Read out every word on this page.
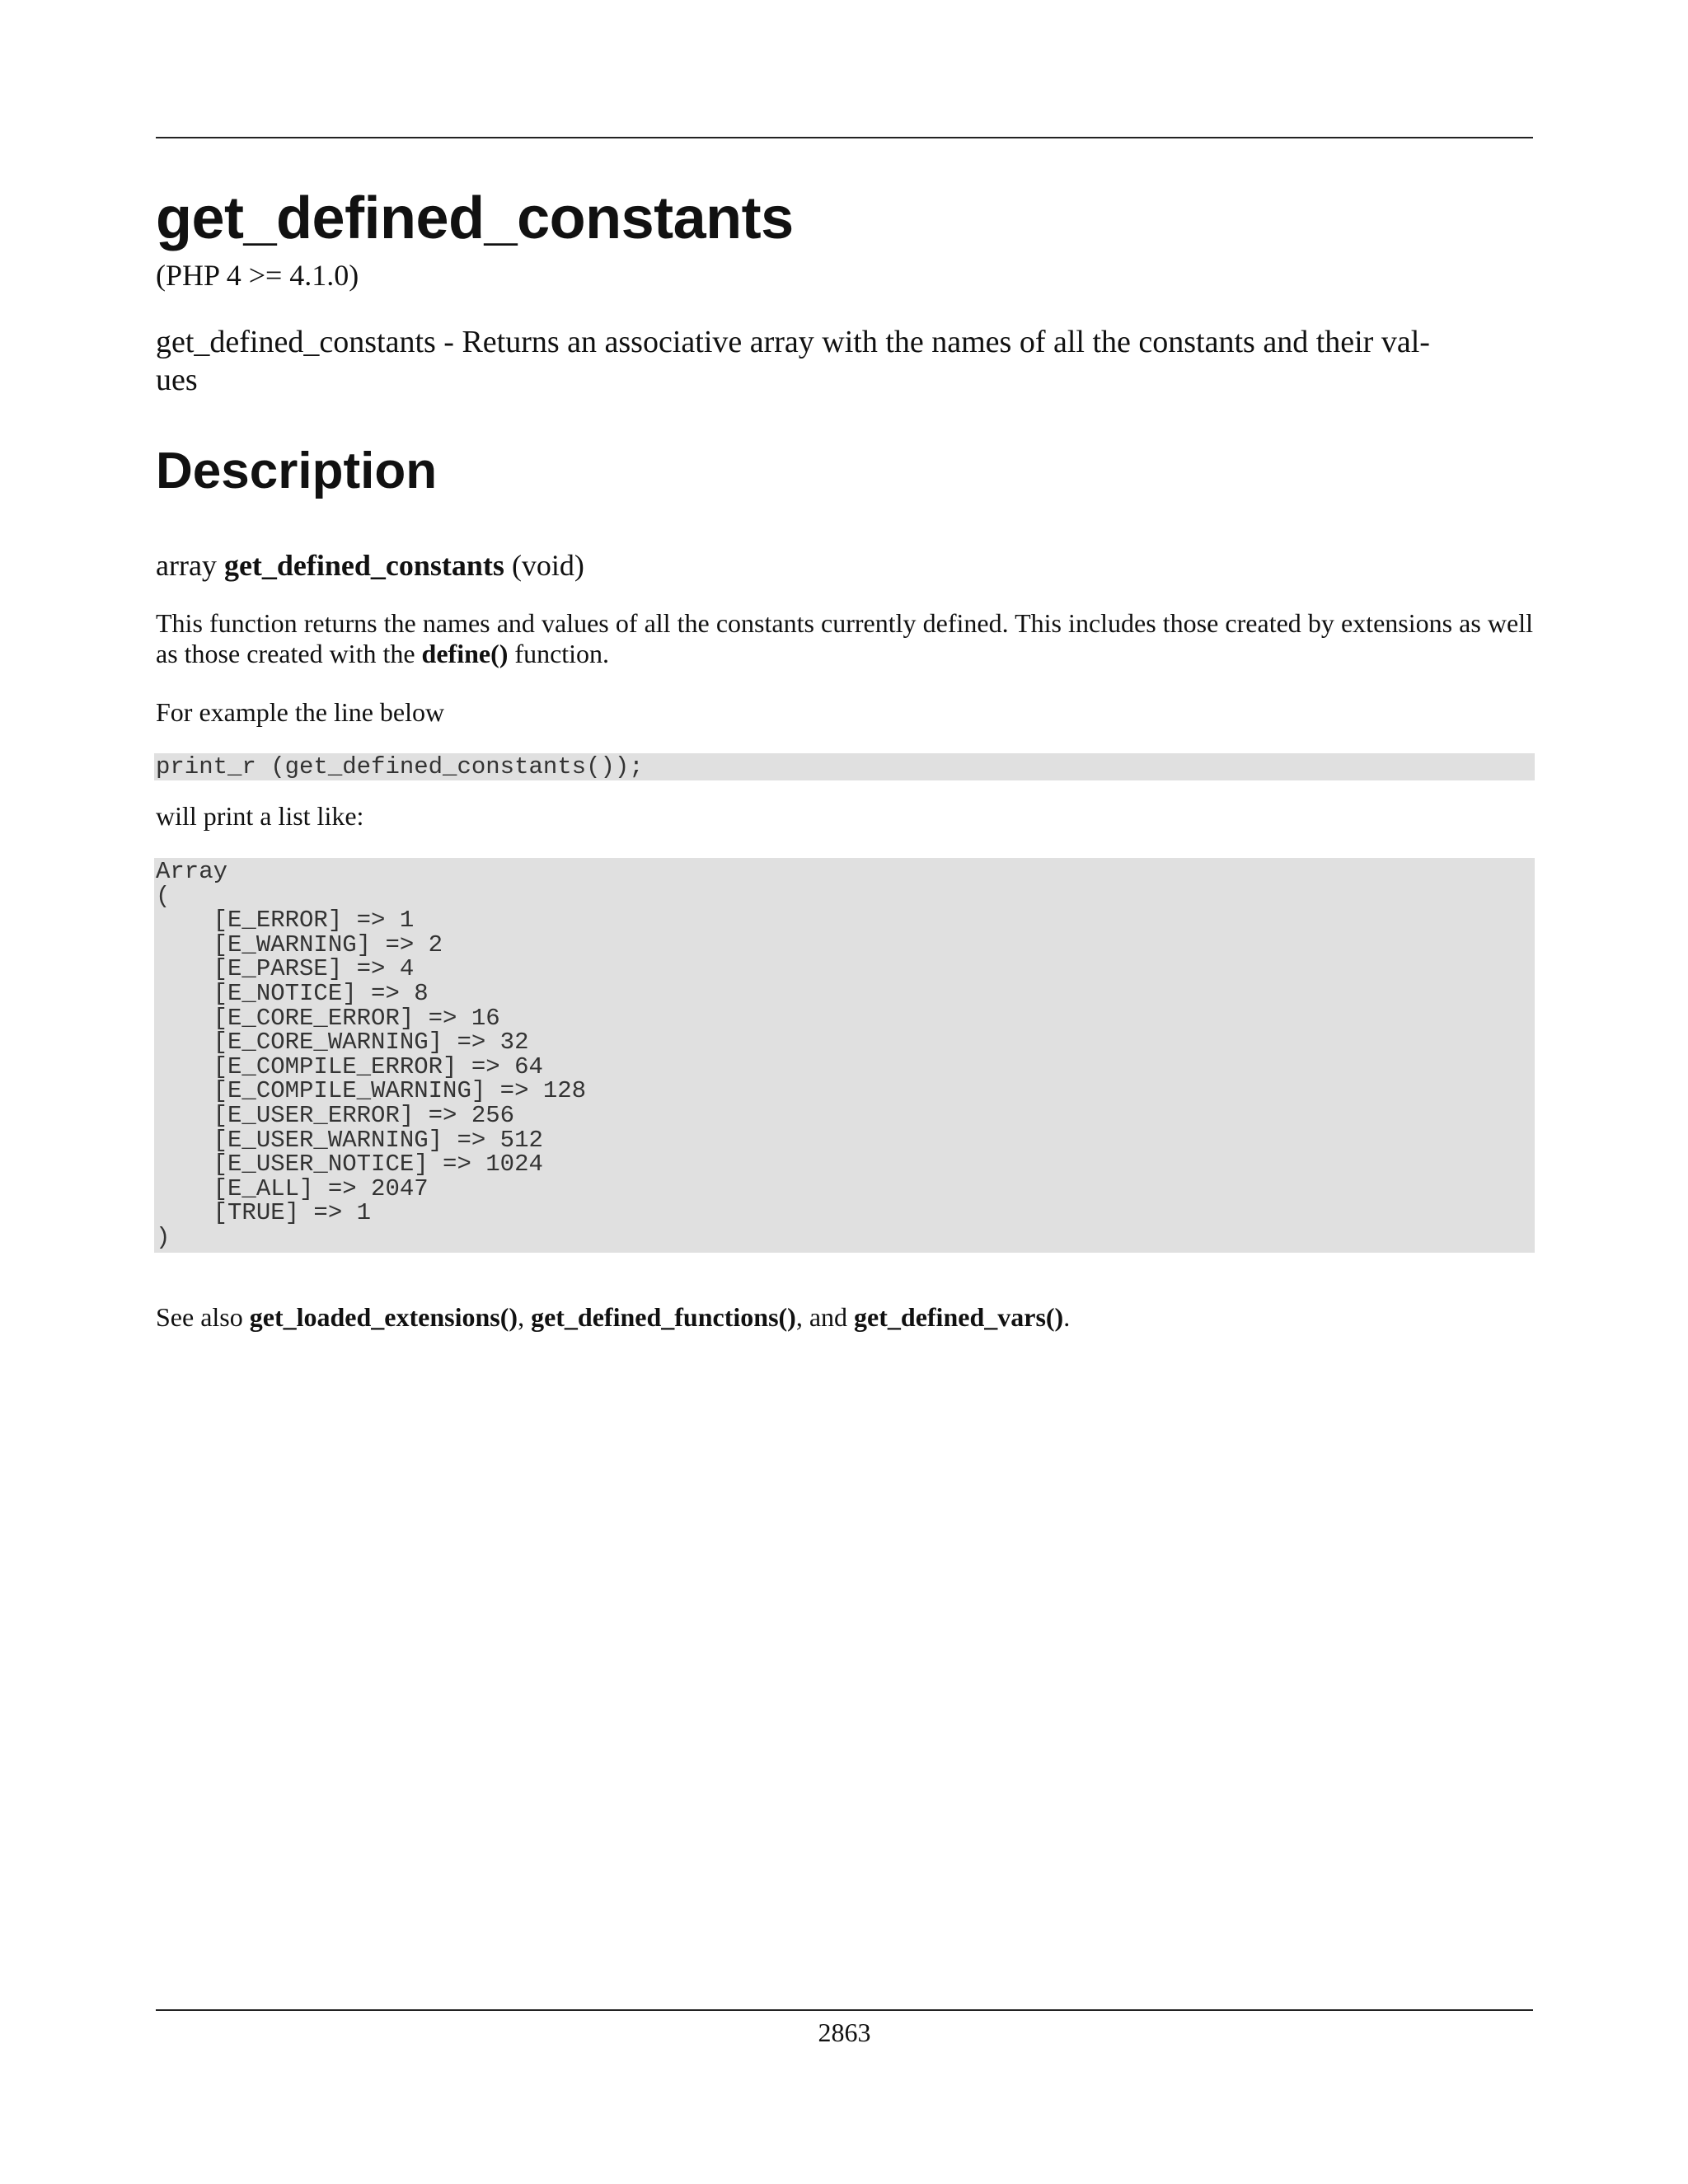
get_defined_constants
(PHP 4 >= 4.1.0)
get_defined_constants - Returns an associative array with the names of all the constants and their val-
ues
Description
array get_defined_constants (void)
This function returns the names and values of all the constants currently defined. This includes those created by extensions as well as those created with the define() function.
For example the line below
print_r (get_defined_constants());
will print a list like:
Array
(
[E_ERROR] => 1
[E_WARNING] => 2
[E_PARSE] => 4
[E_NOTICE] => 8
[E_CORE_ERROR] => 16
[E_CORE_WARNING] => 32
[E_COMPILE_ERROR] => 64
[E_COMPILE_WARNING] => 128
[E_USER_ERROR] => 256
[E_USER_WARNING] => 512
[E_USER_NOTICE] => 1024
[E_ALL] => 2047
[TRUE] => 1
)
See also get_loaded_extensions(), get_defined_functions(), and get_defined_vars().
2863
